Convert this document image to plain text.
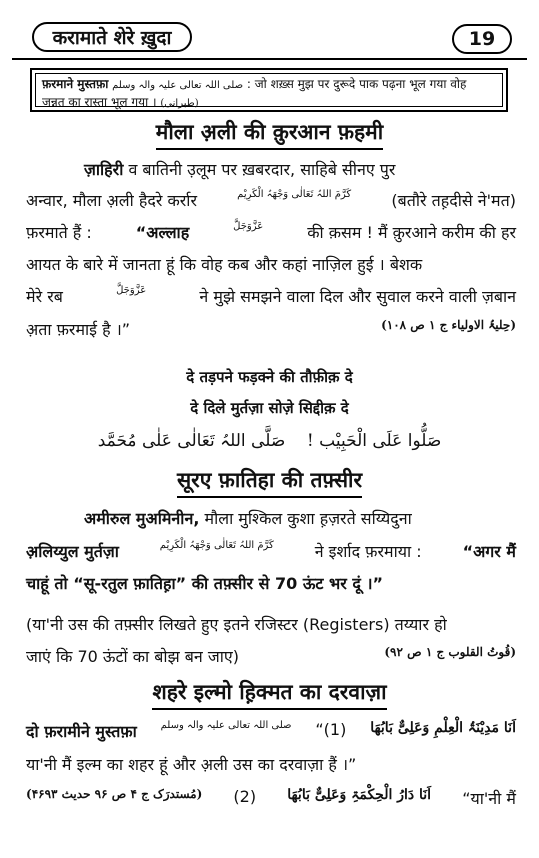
करामाते शेरे ख़ुदा	19
फ़रमाने मुस्तफ़ा صلی اللہ تعالی علیہ والہ وسلم : जो शख़्स मुझ पर दुरूदे पाक पढ़ना भूल गया वोह
जन्नत का रास्ता भूल गया । (طبرانی)
मौला अ़ली की क़ुरआन फ़हमी
ज़ाहिरी व बातिनी उ़लूम पर ख़बरदार, साहिबे सीनए पुर
अन्वार, मौला अ़ली हैदरे कर्रार	کَرَّمَ اللہُ تَعَالٰی وَجْھَہُ الْکَرِیْم	(बतौरे तह़दीसे ने'मत)
फ़रमाते हैं :	“अल्लाह	عَزَّوَجَلَّ	की क़सम ! मैं क़ुरआने करीम की हर
आयत के बारे में जानता हूं कि वोह कब और कहां नाज़िल हुई । बेशक
मेरे रब	عَزَّوَجَلَّ	ने मुझे समझने वाला दिल और सुवाल करने वाली ज़बान
अ़ता फ़रमाई है ।”	(حِلیۃُ الاولیاء ج ۱ ص ۱۰۸)
दे तड़पने फड़क्ने की तौफ़ीक़ दे
दे दिले मुर्तज़ा सोज़े सिद्दीक़ दे
صَلُّوا عَلَی الْحَبِیْب !    صَلَّی اللہُ تَعَالٰی عَلٰی مُحَمَّد
सूरए फ़ातिहा की तफ़्सीर
अमीरुल मुअमिनीन, मौला मुश्किल कुशा ह़ज़रते सय्यिदुना
अ़लिय्युल मुर्तज़ा	کَرَّمَ اللہُ تَعَالٰی وَجْھَہُ الْکَرِیْم	ने इर्शाद फ़रमाया :	“अगर मैं
चाहूं तो “सू-रतुल फ़ातिह़ा” की तफ़्सीर से 70 ऊंट भर दूं ।”
(या'नी उस की तफ़्सीर लिखते हुए इतने रजिस्टर (Registers) तय्यार हो
जाएं कि 70 ऊंटों का बोझ बन जाए)	(قُوتُ القلوب ج ۱ ص ۹۲)
शहरे इल्मो ह़िक्मत का दरवाज़ा
दो फ़रामीने मुस्तफ़ा صلی اللہ تعالی علیہ والہ وسلم “(1) اَنَا مَدِیْنَۃُ الْعِلْمِ وَعَلِیٌّ بَابُھَا
या'नी मैं इल्म का शहर हूं और अ़ली उस का दरवाज़ा हैं ।”
(مُستدرَک ج ۴ ص ۹۶ حدیث ۴۶۹۳) (2) اَنَا دَارُ الْحِکْمَۃِ وَعَلِیٌّ بَابُھَا “या'नी मैं
